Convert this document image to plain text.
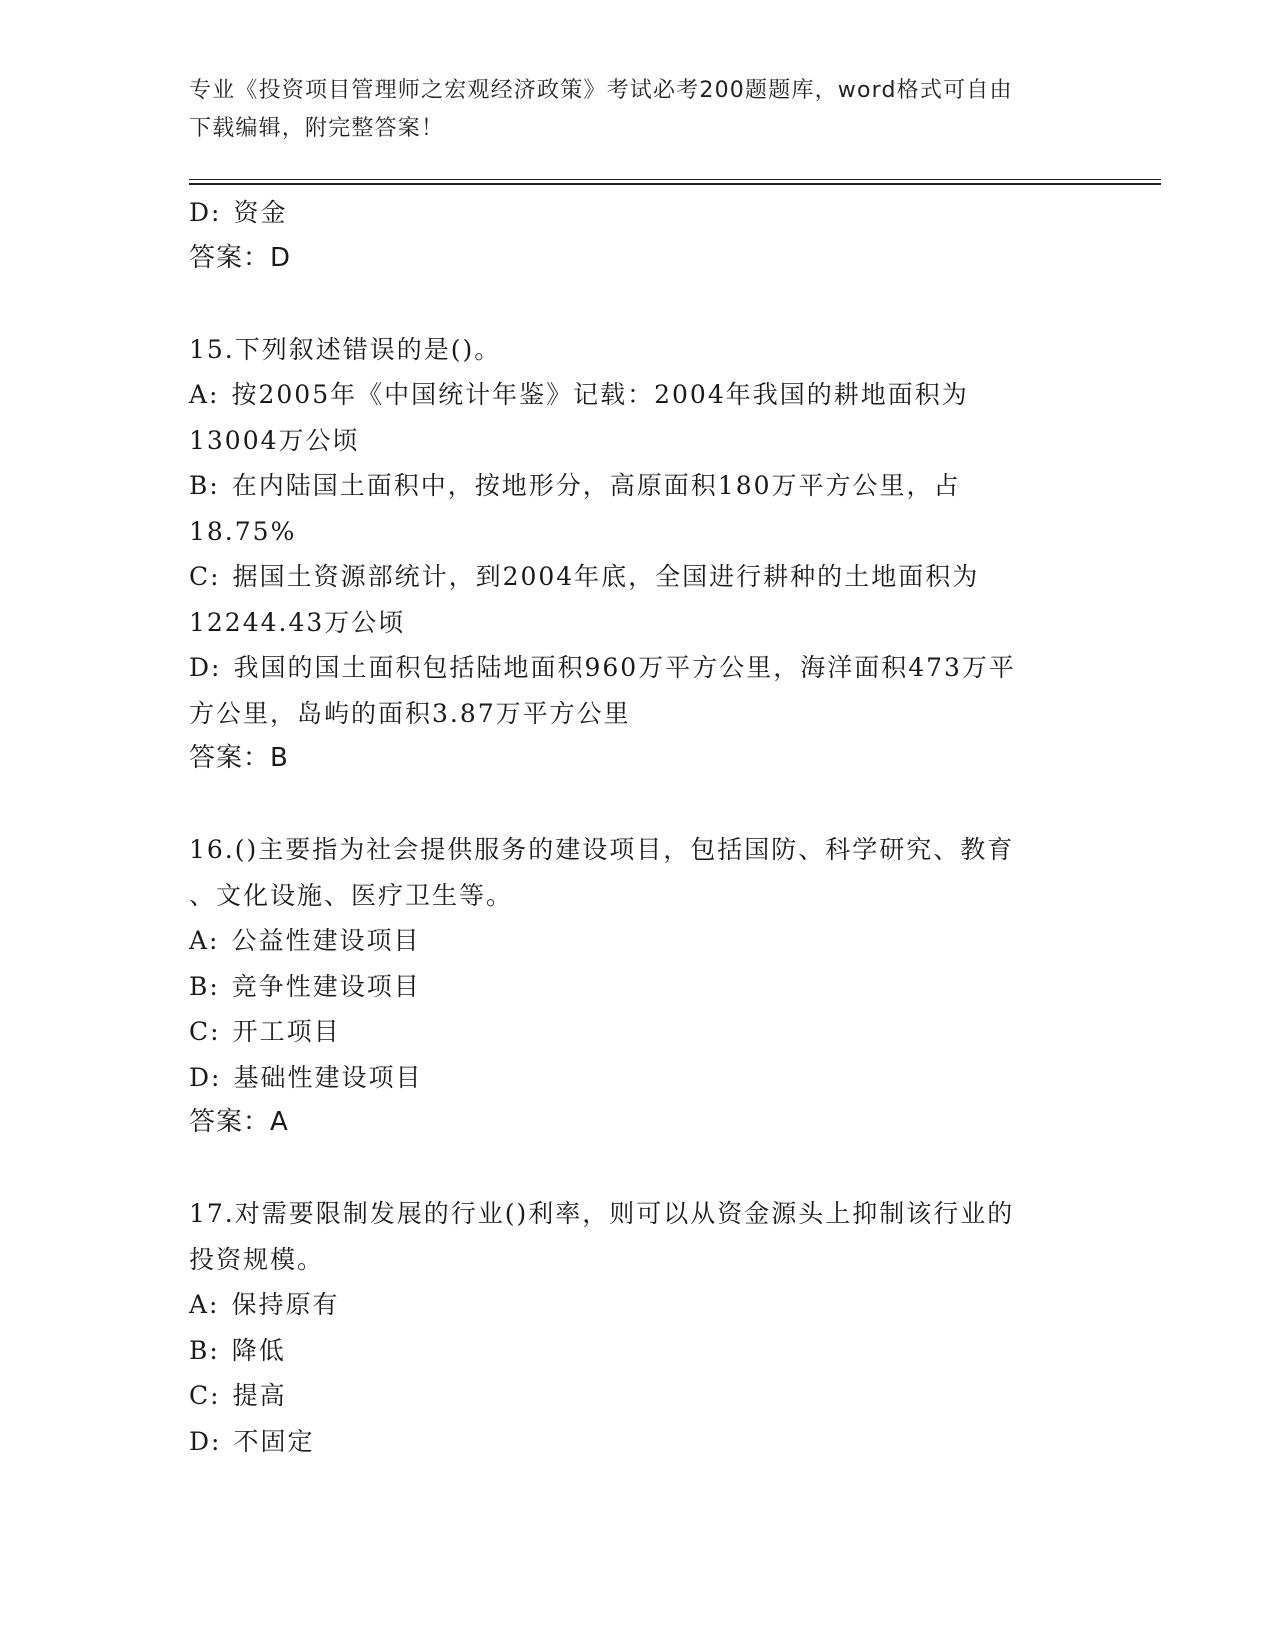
专业《投资项目管理师之宏观经济政策》考试必考200题题库，word格式可自由
下载编辑，附完整答案！
D: 资金
答案：D
15.下列叙述错误的是()。
A: 按2005年《中国统计年鉴》记载：2004年我国的耕地面积为
13004万公顷
B: 在内陆国土面积中，按地形分，高原面积180万平方公里，占
18.75%
C: 据国土资源部统计，到2004年底，全国进行耕种的土地面积为
12244.43万公顷
D: 我国的国土面积包括陆地面积960万平方公里，海洋面积473万平
方公里，岛屿的面积3.87万平方公里
答案：B
16.()主要指为社会提供服务的建设项目，包括国防、科学研究、教育
、文化设施、医疗卫生等。
A: 公益性建设项目
B: 竞争性建设项目
C: 开工项目
D: 基础性建设项目
答案：A
17.对需要限制发展的行业()利率，则可以从资金源头上抑制该行业的
投资规模。
A: 保持原有
B: 降低
C: 提高
D: 不固定
